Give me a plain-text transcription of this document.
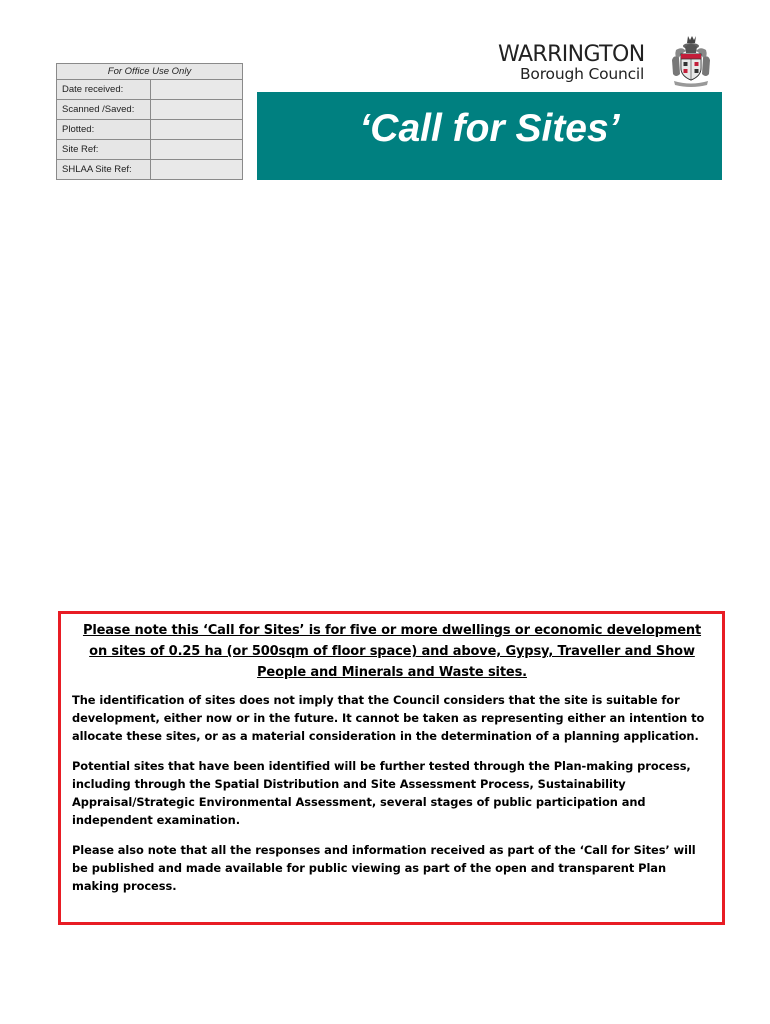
For Office Use Only	
Date received:	
Scanned /Saved:	
Plotted:	
Site Ref:	
SHLAA Site Ref:	
WARRINGTON
Borough Council
‘Call for Sites’
Please note this ‘Call for Sites’ is for five or more dwellings or economic development on sites of 0.25 ha (or 500sqm of floor space) and above, Gypsy, Traveller and Show People and Minerals and Waste sites.

The identification of sites does not imply that the Council considers that the site is suitable for development, either now or in the future. It cannot be taken as representing either an intention to allocate these sites, or as a material consideration in the determination of a planning application.

Potential sites that have been identified will be further tested through the Plan-making process, including through the Spatial Distribution and Site Assessment Process, Sustainability Appraisal/Strategic Environmental Assessment, several stages of public participation and independent examination.

Please also note that all the responses and information received as part of the ‘Call for Sites’ will be published and made available for public viewing as part of the open and transparent Plan making process.
